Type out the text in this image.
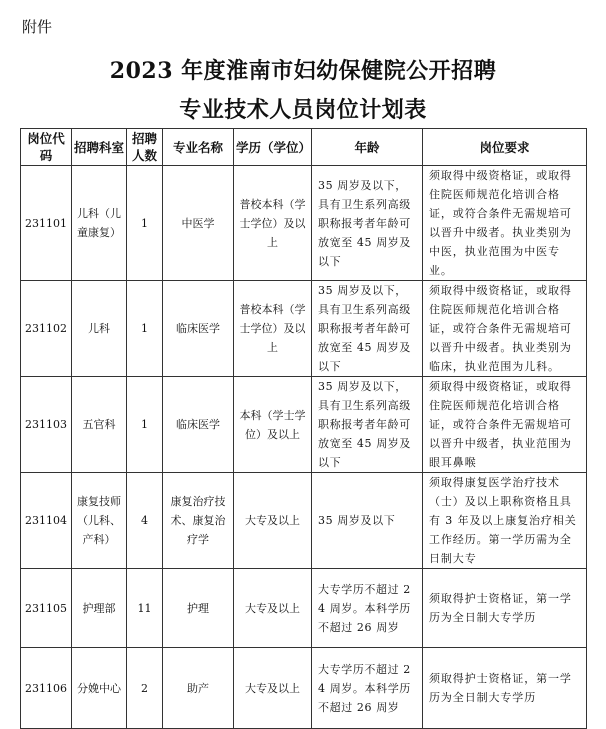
附件
2023 年度淮南市妇幼保健院公开招聘
专业技术人员岗位计划表
岗位代码	招聘科室	招聘人数	专业名称	学历（学位）	年龄	岗位要求
231101	儿科（儿童康复）	1	中医学	普校本科（学士学位）及以上	35 周岁及以下，具有卫生系列高级职称报考者年龄可放宽至 45 周岁及以下	须取得中级资格证，或取得住院医师规范化培训合格证，或符合条件无需规培可以晋升中级者。执业类别为中医，执业范围为中医专业。
231102	儿科	1	临床医学	普校本科（学士学位）及以上	35 周岁及以下，具有卫生系列高级职称报考者年龄可放宽至 45 周岁及以下	须取得中级资格证，或取得住院医师规范化培训合格证，或符合条件无需规培可以晋升中级者。执业类别为临床，执业范围为儿科。
231103	五官科	1	临床医学	本科（学士学位）及以上	35 周岁及以下，具有卫生系列高级职称报考者年龄可放宽至 45 周岁及以下	须取得中级资格证，或取得住院医师规范化培训合格证，或符合条件无需规培可以晋升中级者，执业范围为眼耳鼻喉
231104	康复技师（儿科、产科）	4	康复治疗技术、康复治疗学	大专及以上	35 周岁及以下	须取得康复医学治疗技术（士）及以上职称资格且具有 3 年及以上康复治疗相关工作经历。第一学历需为全日制大专
231105	护理部	11	护理	大专及以上	大专学历不超过 24 周岁。本科学历不超过 26 周岁	须取得护士资格证，第一学历为全日制大专学历
231106	分娩中心	2	助产	大专及以上	大专学历不超过 24 周岁。本科学历不超过 26 周岁	须取得护士资格证，第一学历为全日制大专学历
